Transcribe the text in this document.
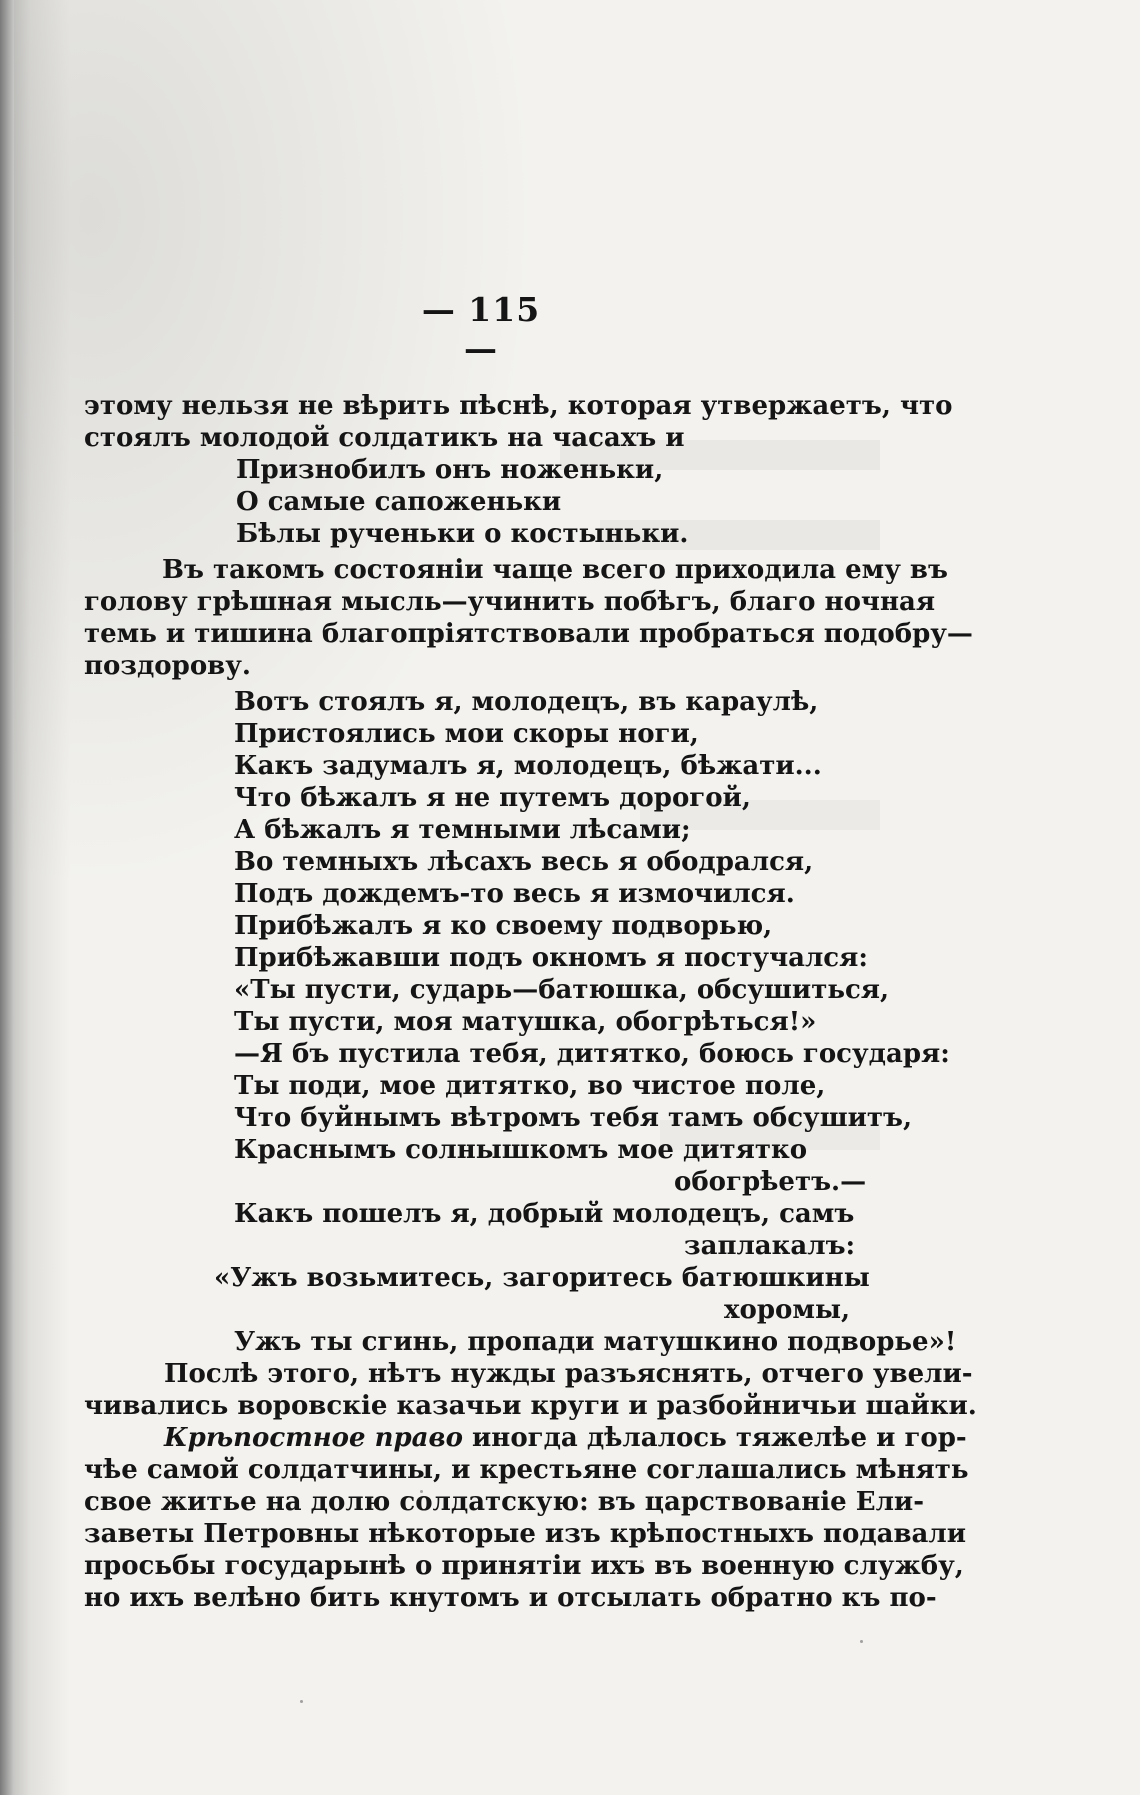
— 115 —
этому нельзя не вѣрить пѣснѣ, которая утвержаетъ, что
стоялъ молодой солдатикъ на часахъ и
Признобилъ онъ ноженьки,
О самые сапоженьки
Бѣлы рученьки о костыньки.
Въ такомъ состояніи чаще всего приходила ему въ
голову грѣшная мысль—учинить побѣгъ, благо ночная
темь и тишина благопріятствовали пробраться подобру—
поздорову.
Вотъ стоялъ я, молодецъ, въ караулѣ,
Пристоялись мои скоры ноги,
Какъ задумалъ я, молодецъ, бѣжати...
Что бѣжалъ я не путемъ дорогой,
А бѣжалъ я темными лѣсами;
Во темныхъ лѣсахъ весь я ободрался,
Подъ дождемъ-то весь я измочился.
Прибѣжалъ я ко своему подворью,
Прибѣжавши подъ окномъ я постучался:
«Ты пусти, сударь—батюшка, обсушиться,
Ты пусти, моя матушка, обогрѣться!»
—Я бъ пустила тебя, дитятко, боюсь государя:
Ты поди, мое дитятко, во чистое поле,
Что буйнымъ вѣтромъ тебя тамъ обсушитъ,
Краснымъ солнышкомъ мое дитятко
обогрѣетъ.—
Какъ пошелъ я, добрый молодецъ, самъ
заплакалъ:
«Ужъ возьмитесь, загоритесь батюшкины
хоромы,
Ужъ ты сгинь, пропади матушкино подворье»!
Послѣ этого, нѣтъ нужды разъяснять, отчего увели-
чивались воровскіе казачьи круги и разбойничьи шайки.
Крѣпостное право иногда дѣлалось тяжелѣе и гор-
чѣе самой солдатчины, и крестьяне соглашались мѣнять
свое житье на долю солдатскую: въ царствованіе Ели-
заветы Петровны нѣкоторые изъ крѣпостныхъ подавали
просьбы государынѣ о принятіи ихъ въ военную службу,
но ихъ велѣно бить кнутомъ и отсылать обратно къ по-
